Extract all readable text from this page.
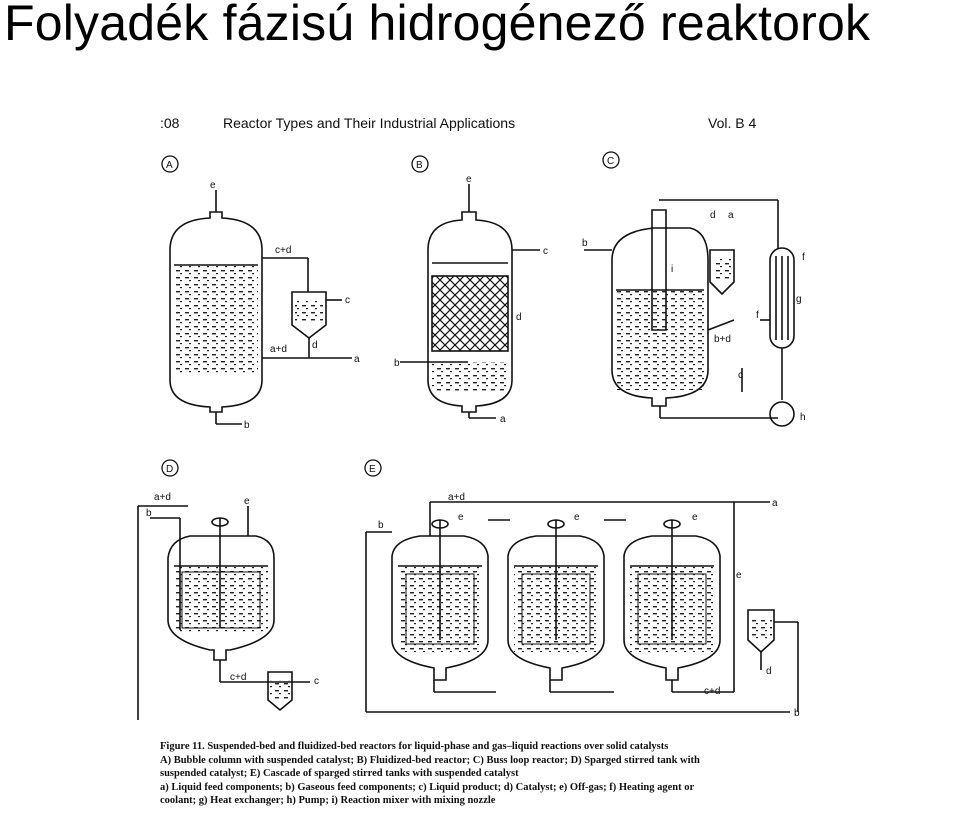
Folyadék fázisú hidrogénező reaktorok
:08	Reactor Types and Their Industrial Applications	Vol. B 4
A	B	C
D	E
e
c+d
c
a+d	d
a
b
e
c
d
b
a
b
i
d a
b+d
c
f
g
f
h
a+d
b
e
c+d	c
a+d
b
e	e	e
a
e
c+d
d
b
Figure 11. Suspended-bed and fluidized-bed reactors for liquid-phase and gas–liquid reactions over solid catalysts
A) Bubble column with suspended catalyst; B) Fluidized-bed reactor; C) Buss loop reactor; D) Sparged stirred tank with
suspended catalyst; E) Cascade of sparged stirred tanks with suspended catalyst
a) Liquid feed components; b) Gaseous feed components; c) Liquid product; d) Catalyst; e) Off-gas; f) Heating agent or
coolant; g) Heat exchanger; h) Pump; i) Reaction mixer with mixing nozzle
